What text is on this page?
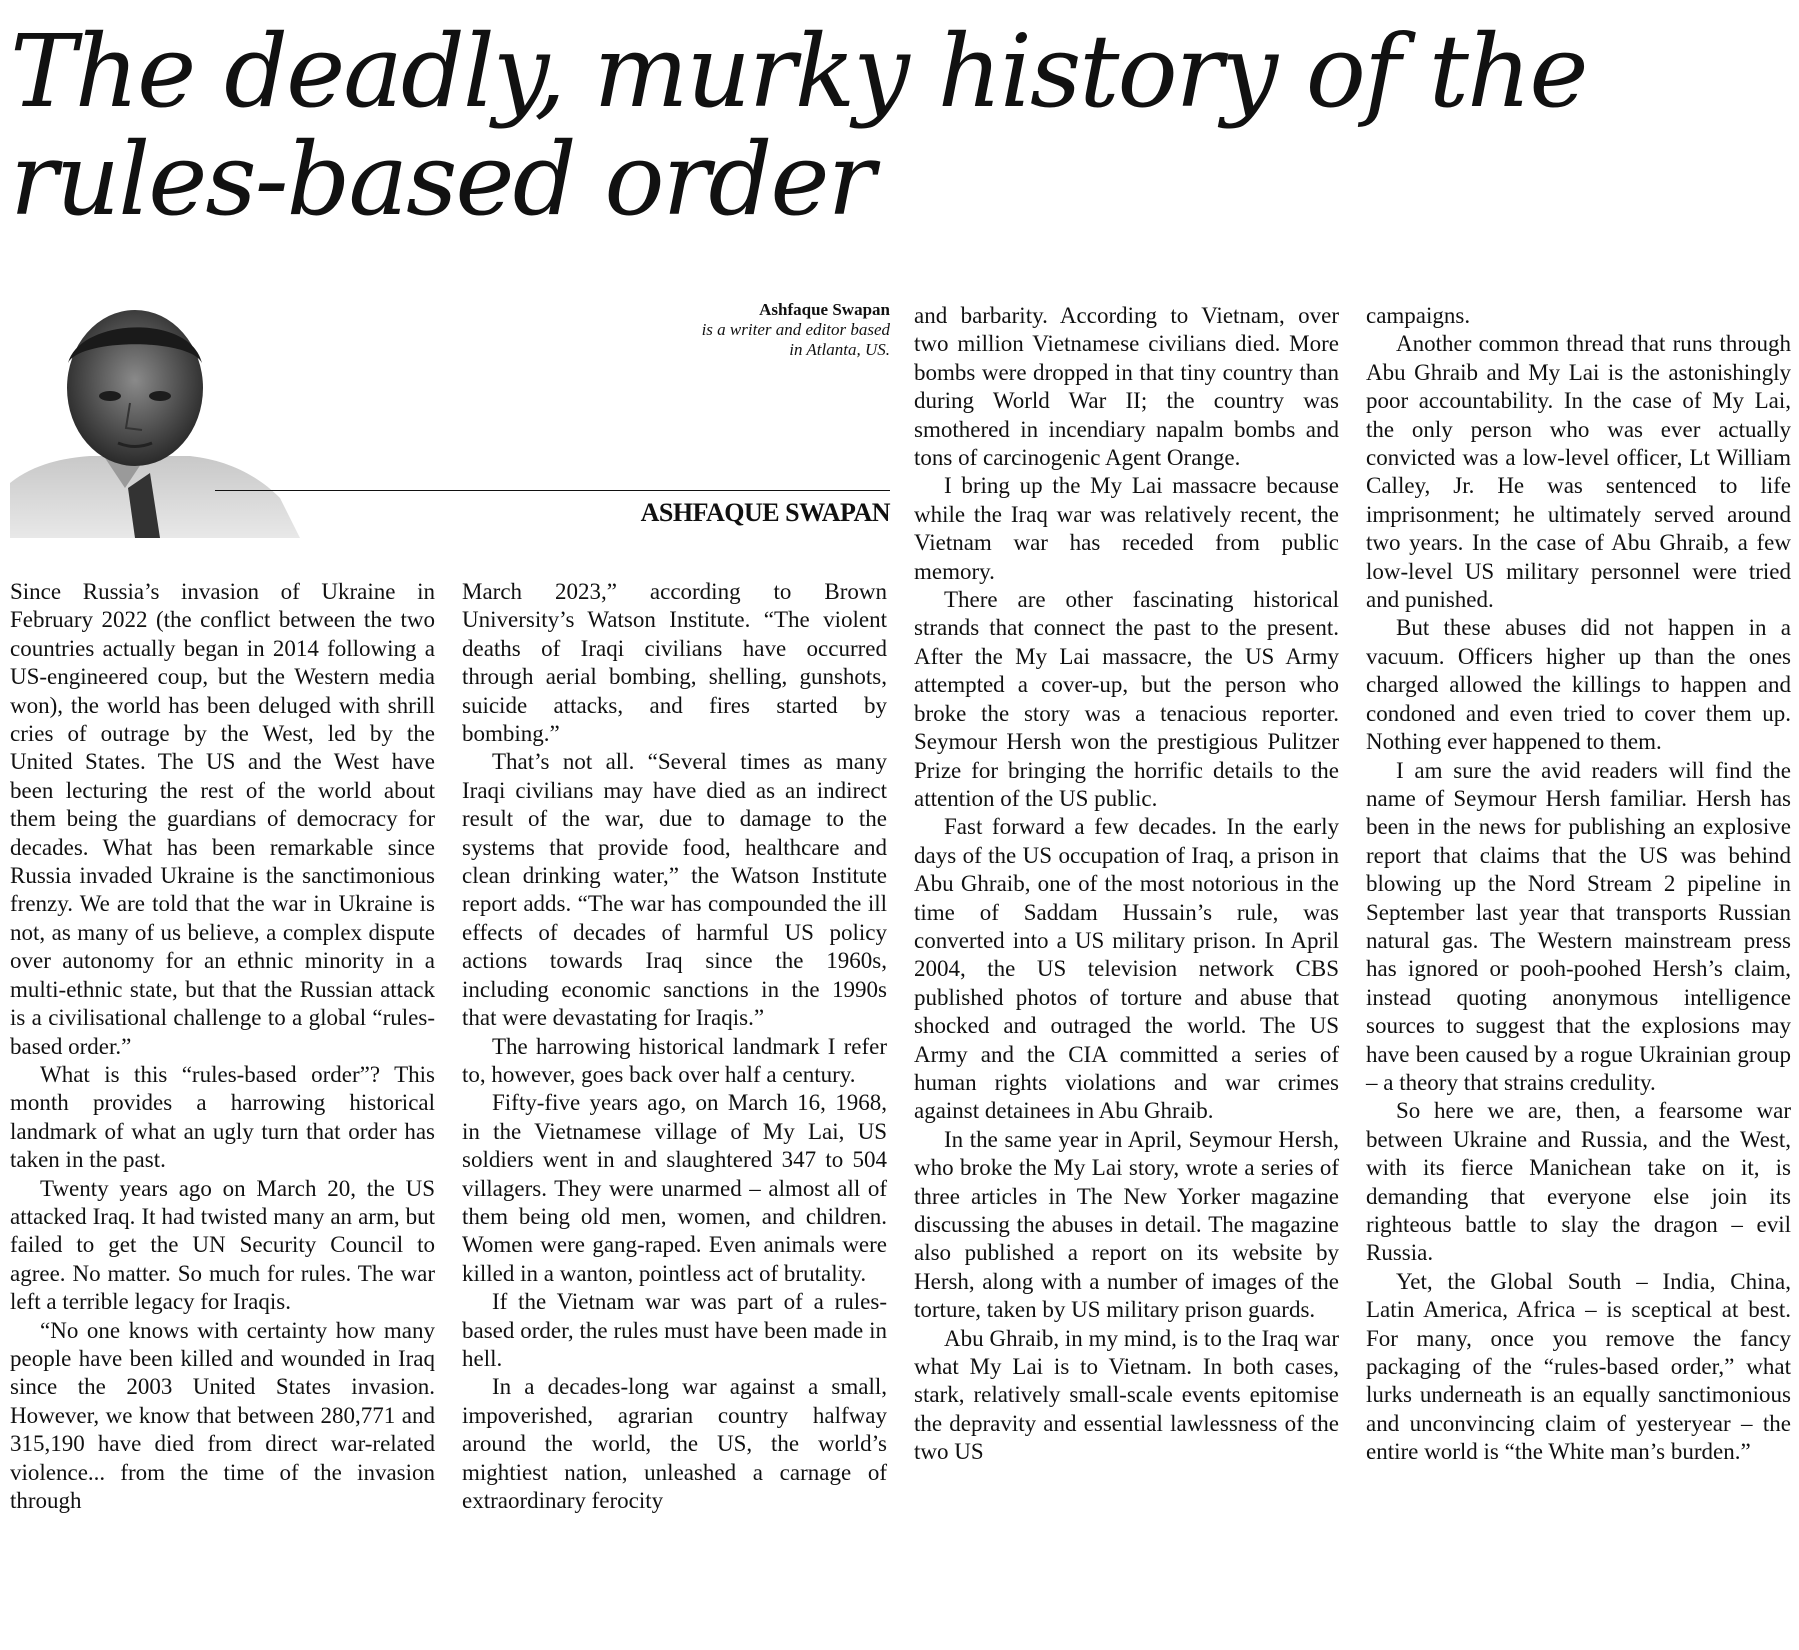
The deadly, murky history of the
rules-based order
Ashfaque Swapan
is a writer and editor based
in Atlanta, US.
ASHFAQUE SWAPAN

Since Russia’s invasion of Ukraine in February 2022 (the conflict between the two countries actually began in 2014 following a US-engineered coup, but the Western media won), the world has been deluged with shrill cries of outrage by the West, led by the United States. The US and the West have been lecturing the rest of the world about them being the guardians of democracy for decades. What has been remarkable since Russia invaded Ukraine is the sanctimonious frenzy. We are told that the war in Ukraine is not, as many of us believe, a complex dispute over autonomy for an ethnic minority in a multi-ethnic state, but that the Russian attack is a civilisational challenge to a global “rules-based order.”

What is this “rules-based order”? This month provides a harrowing historical landmark of what an ugly turn that order has taken in the past.

Twenty years ago on March 20, the US attacked Iraq. It had twisted many an arm, but failed to get the UN Security Council to agree. No matter. So much for rules. The war left a terrible legacy for Iraqis.

“No one knows with certainty how many people have been killed and wounded in Iraq since the 2003 United States invasion. However, we know that between 280,771 and 315,190 have died from direct war-related violence... from the time of the invasion through

March 2023,” according to Brown University’s Watson Institute. “The violent deaths of Iraqi civilians have occurred through aerial bombing, shelling, gunshots, suicide attacks, and fires started by bombing.”

That’s not all. “Several times as many Iraqi civilians may have died as an indirect result of the war, due to damage to the systems that provide food, healthcare and clean drinking water,” the Watson Institute report adds. “The war has compounded the ill effects of decades of harmful US policy actions towards Iraq since the 1960s, including economic sanctions in the 1990s that were devastating for Iraqis.”

The harrowing historical landmark I refer to, however, goes back over half a century.

Fifty-five years ago, on March 16, 1968, in the Vietnamese village of My Lai, US soldiers went in and slaughtered 347 to 504 villagers. They were unarmed – almost all of them being old men, women, and children. Women were gang-raped. Even animals were killed in a wanton, pointless act of brutality.

If the Vietnam war was part of a rules-based order, the rules must have been made in hell.

In a decades-long war against a small, impoverished, agrarian country halfway around the world, the US, the world’s mightiest nation, unleashed a carnage of extraordinary ferocity

and barbarity. According to Vietnam, over two million Vietnamese civilians died. More bombs were dropped in that tiny country than during World War II; the country was smothered in incendiary napalm bombs and tons of carcinogenic Agent Orange.

I bring up the My Lai massacre because while the Iraq war was relatively recent, the Vietnam war has receded from public memory.

There are other fascinating historical strands that connect the past to the present. After the My Lai massacre, the US Army attempted a cover-up, but the person who broke the story was a tenacious reporter. Seymour Hersh won the prestigious Pulitzer Prize for bringing the horrific details to the attention of the US public.

Fast forward a few decades. In the early days of the US occupation of Iraq, a prison in Abu Ghraib, one of the most notorious in the time of Saddam Hussain’s rule, was converted into a US military prison. In April 2004, the US television network CBS published photos of torture and abuse that shocked and outraged the world. The US Army and the CIA committed a series of human rights violations and war crimes against detainees in Abu Ghraib.

In the same year in April, Seymour Hersh, who broke the My Lai story, wrote a series of three articles in The New Yorker magazine discussing the abuses in detail. The magazine also published a report on its website by Hersh, along with a number of images of the torture, taken by US military prison guards.

Abu Ghraib, in my mind, is to the Iraq war what My Lai is to Vietnam. In both cases, stark, relatively small-scale events epitomise the depravity and essential lawlessness of the two US

campaigns.

Another common thread that runs through Abu Ghraib and My Lai is the astonishingly poor accountability. In the case of My Lai, the only person who was ever actually convicted was a low-level officer, Lt William Calley, Jr. He was sentenced to life imprisonment; he ultimately served around two years. In the case of Abu Ghraib, a few low-level US military personnel were tried and punished.

But these abuses did not happen in a vacuum. Officers higher up than the ones charged allowed the killings to happen and condoned and even tried to cover them up. Nothing ever happened to them.

I am sure the avid readers will find the name of Seymour Hersh familiar. Hersh has been in the news for publishing an explosive report that claims that the US was behind blowing up the Nord Stream 2 pipeline in September last year that transports Russian natural gas. The Western mainstream press has ignored or pooh-poohed Hersh’s claim, instead quoting anonymous intelligence sources to suggest that the explosions may have been caused by a rogue Ukrainian group – a theory that strains credulity.

So here we are, then, a fearsome war between Ukraine and Russia, and the West, with its fierce Manichean take on it, is demanding that everyone else join its righteous battle to slay the dragon – evil Russia.

Yet, the Global South – India, China, Latin America, Africa – is sceptical at best. For many, once you remove the fancy packaging of the “rules-based order,” what lurks underneath is an equally sanctimonious and unconvincing claim of yesteryear – the entire world is “the White man’s burden.”
